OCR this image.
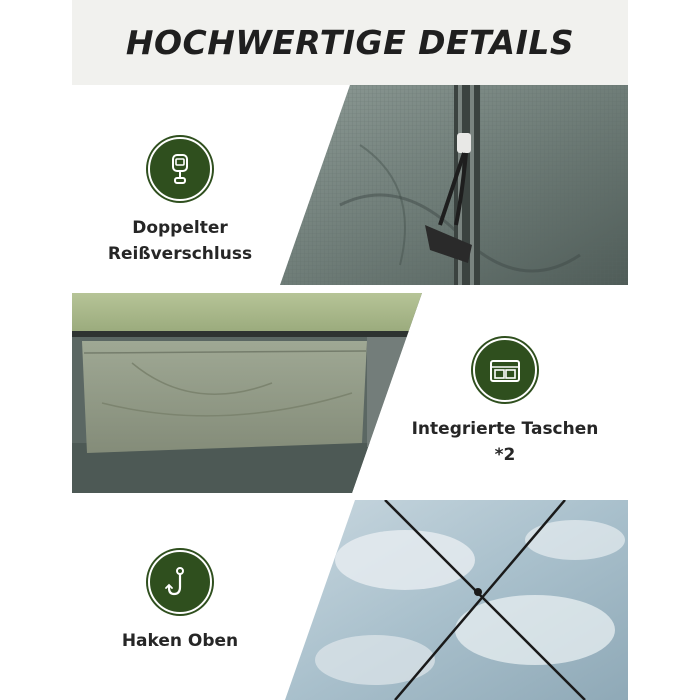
HOCHWERTIGE DETAILS
Doppelter
Reißverschluss
Integrierte Taschen
*2
Haken Oben
